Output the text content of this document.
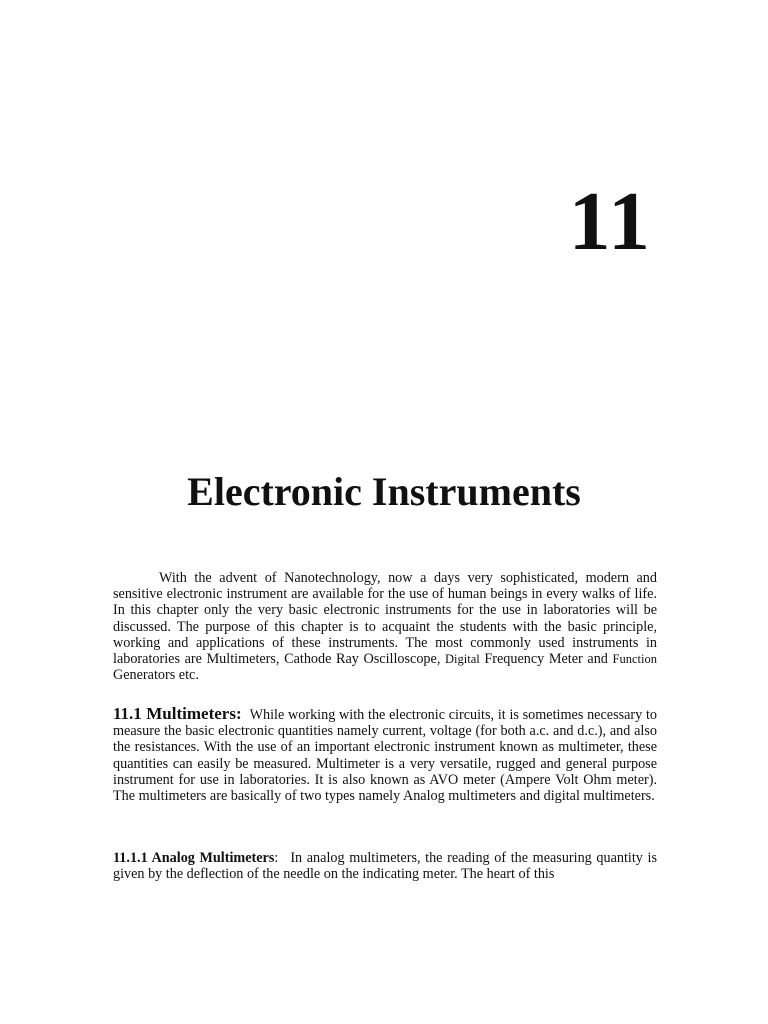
11
Electronic Instruments

With the advent of Nanotechnology, now a days very sophisticated, modern and sensitive electronic instrument are available for the use of human beings in every walks of life. In this chapter only the very basic electronic instruments for the use in laboratories will be discussed. The purpose of this chapter is to acquaint the students with the basic principle, working and applications of these instruments. The most commonly used instruments in laboratories are Multimeters, Cathode Ray Oscilloscope, Digital Frequency Meter and Function Generators etc.

11.1 Multimeters: While working with the electronic circuits, it is sometimes necessary to measure the basic electronic quantities namely current, voltage (for both a.c. and d.c.), and also the resistances. With the use of an important electronic instrument known as multimeter, these quantities can easily be measured. Multimeter is a very versatile, rugged and general purpose instrument for use in laboratories. It is also known as AVO meter (Ampere Volt Ohm meter). The multimeters are basically of two types namely Analog multimeters and digital multimeters.

11.1.1 Analog Multimeters: In analog multimeters, the reading of the measuring quantity is given by the deflection of the needle on the indicating meter. The heart of this
